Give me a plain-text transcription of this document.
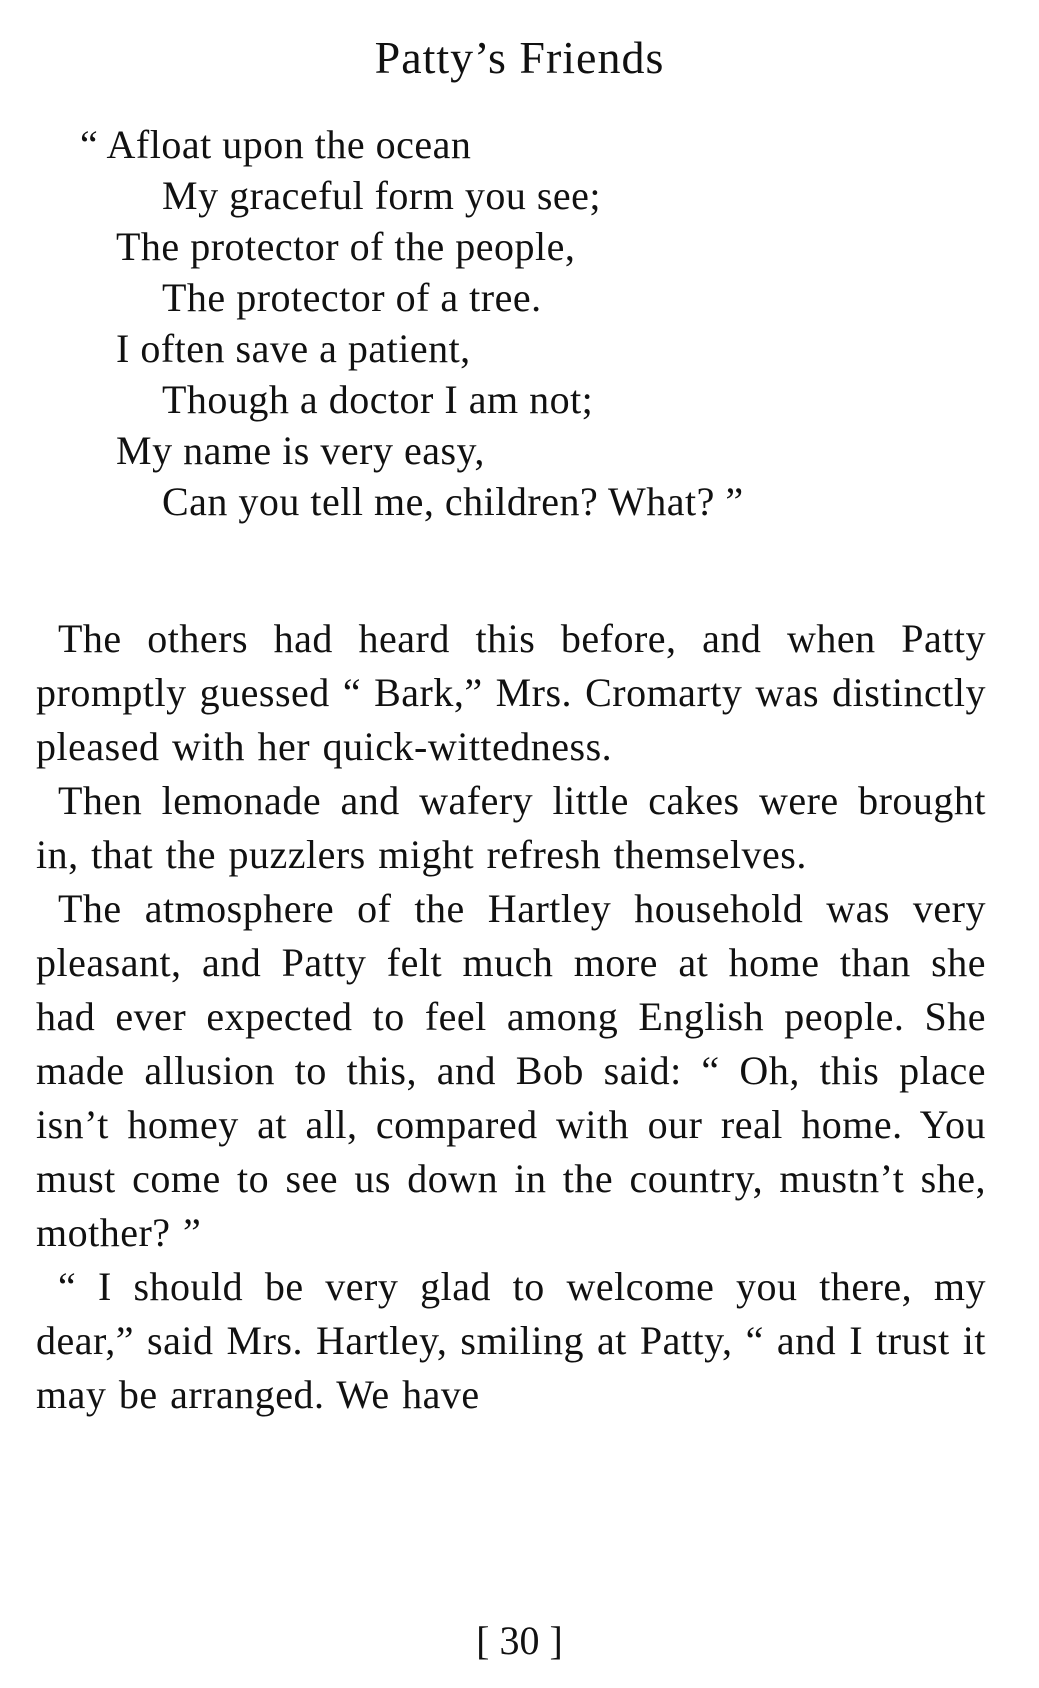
Patty’s Friends
“ Afloat upon the ocean
My graceful form you see;
The protector of the people,
The protector of a tree.
I often save a patient,
Though a doctor I am not;
My name is very easy,
Can you tell me, children? What? ”

The others had heard this before, and when Patty promptly guessed “ Bark,” Mrs. Cromarty was distinctly pleased with her quick-wittedness.

Then lemonade and wafery little cakes were brought in, that the puzzlers might refresh themselves.

The atmosphere of the Hartley household was very pleasant, and Patty felt much more at home than she had ever expected to feel among English people. She made allusion to this, and Bob said: “ Oh, this place isn’t homey at all, compared with our real home. You must come to see us down in the country, mustn’t she, mother? ”

“ I should be very glad to welcome you there, my dear,” said Mrs. Hartley, smiling at Patty, “ and I trust it may be arranged. We have

[ 30 ]
